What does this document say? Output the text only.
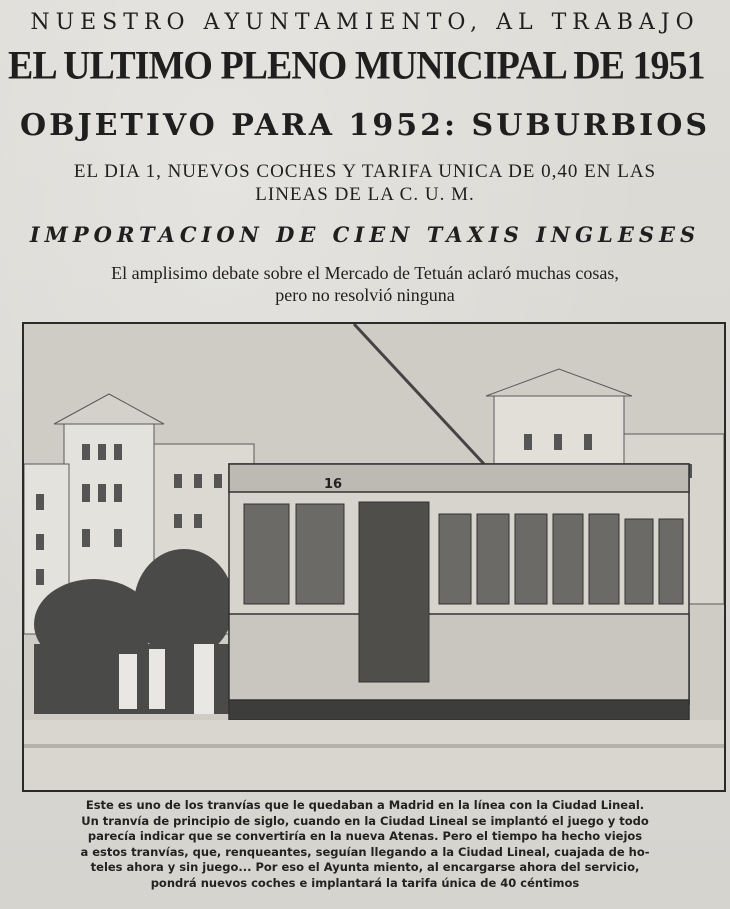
NUESTRO AYUNTAMIENTO, AL TRABAJO
EL ULTIMO PLENO MUNICIPAL DE 1951
OBJETIVO PARA 1952: SUBURBIOS
EL DIA 1, NUEVOS COCHES Y TARIFA UNICA DE 0,40 EN LAS
LINEAS DE LA C. U. M.
IMPORTACION DE CIEN TAXIS INGLESES
El amplisimo debate sobre el Mercado de Tetuán aclaró muchas cosas,
pero no resolvió ninguna
16
Este es uno de los tranvías que le quedaban a Madrid en la línea con la Ciudad Lineal.
Un tranvía de principio de siglo, cuando en la Ciudad Lineal se implantó el juego y todo
parecía indicar que se convertiría en la nueva Atenas. Pero el tiempo ha hecho viejos
a estos tranvías, que, renqueantes, seguían llegando a la Ciudad Lineal, cuajada de ho-
teles ahora y sin juego... Por eso el Ayunta miento, al encargarse ahora del servicio,
pondrá nuevos coches e implantará la tarifa única de 40 céntimos
